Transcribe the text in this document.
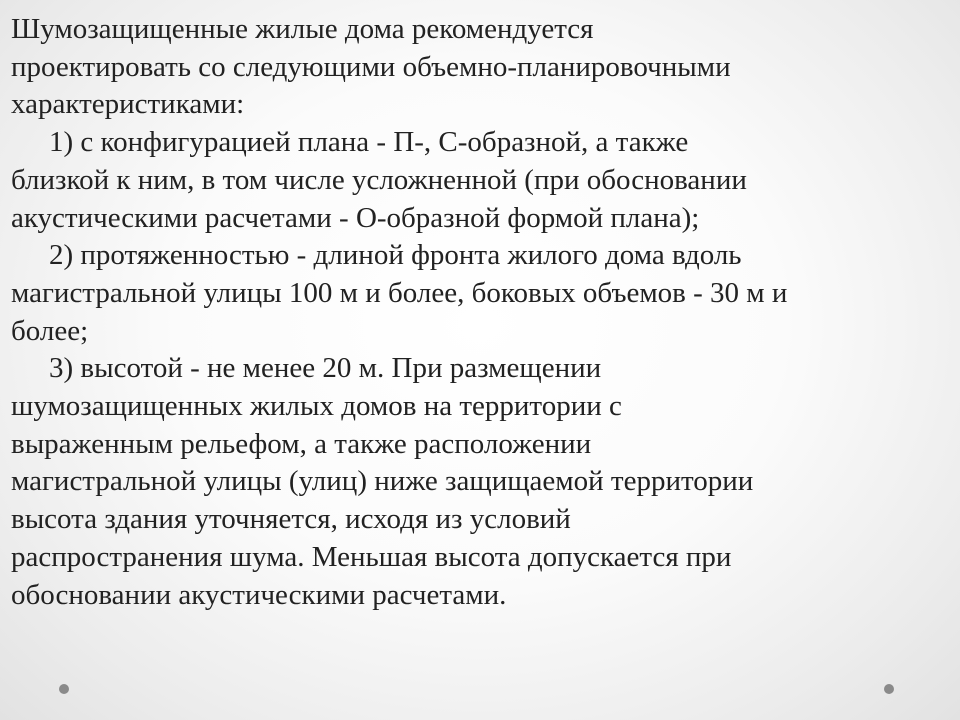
Шумозащищенные жилые дома рекомендуется
проектировать со следующими объемно-планировочными
характеристиками:

1) с конфигурацией плана - П-, С-образной, а также
близкой к ним, в том числе усложненной (при обосновании
акустическими расчетами - О-образной формой плана);

2) протяженностью - длиной фронта жилого дома вдоль
магистральной улицы 100 м и более, боковых объемов - 30 м и
более;

3) высотой - не менее 20 м. При размещении
шумозащищенных жилых домов на территории с
выраженным рельефом, а также расположении
магистральной улицы (улиц) ниже защищаемой территории
высота здания уточняется, исходя из условий
распространения шума. Меньшая высота допускается при
обосновании акустическими расчетами.
